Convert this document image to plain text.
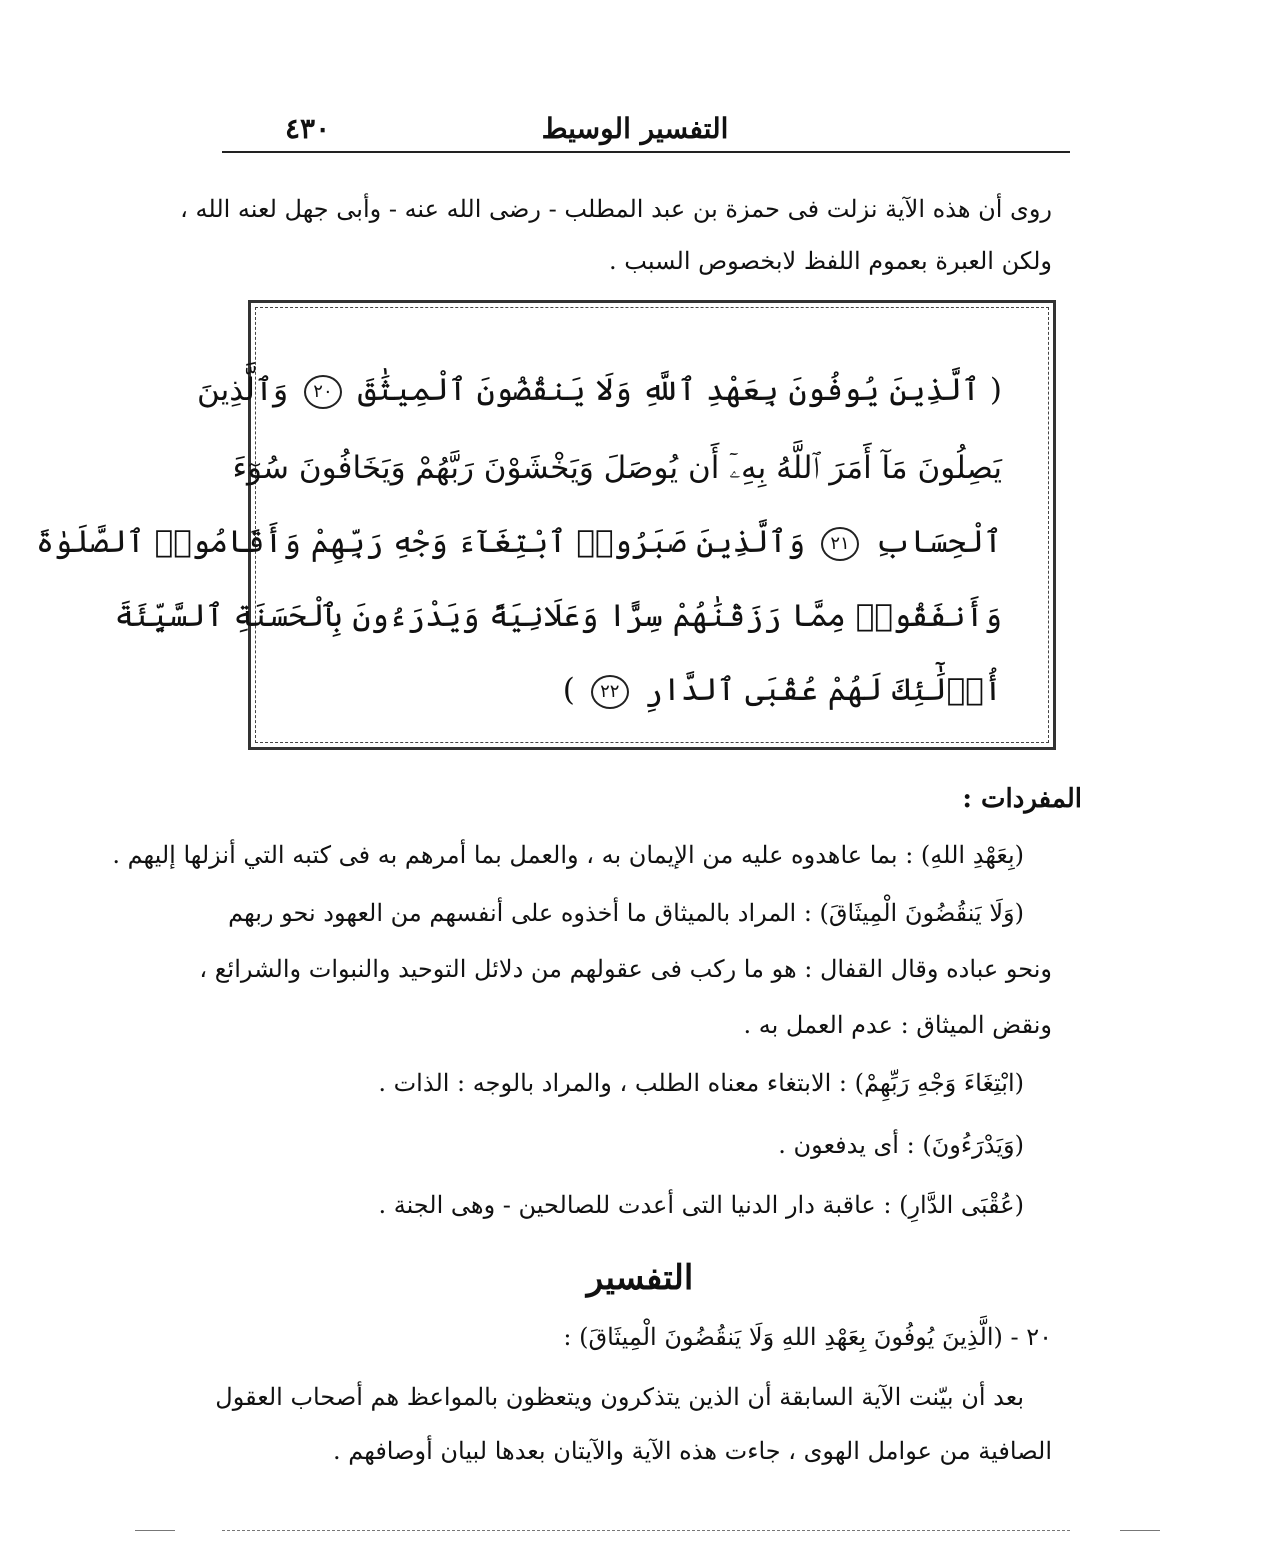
٤٣٠	التفسير الوسيط
روى أن هذه الآية نزلت فى حمزة بن عبد المطلب - رضى الله عنه - وأبى جهل لعنه الله ،
ولكن العبرة بعموم اللفظ لابخصوص السبب .
( ٱلَّذِينَ يُوفُونَ بِعَهْدِ ٱللَّهِ وَلَا يَنقُضُونَ ٱلْمِيثَٰقَ ٢٠ وَٱلَّذِينَ
يَصِلُونَ مَآ أَمَرَ ٱللَّهُ بِهِۦٓ أَن يُوصَلَ وَيَخْشَوْنَ رَبَّهُمْ وَيَخَافُونَ سُوٓءَ
ٱلْحِسَابِ ٢١ وَٱلَّذِينَ صَبَرُوا۟ ٱبْتِغَآءَ وَجْهِ رَبِّهِمْ وَأَقَامُوا۟ ٱلصَّلَوٰةَ
وَأَنفَقُوا۟ مِمَّا رَزَقْنَٰهُمْ سِرًّا وَعَلَانِيَةً وَيَدْرَءُونَ بِٱلْحَسَنَةِ ٱلسَّيِّئَةَ
أُو۟لَٰٓئِكَ لَهُمْ عُقْبَى ٱلدَّارِ ٢٢ )
المفردات :
(بِعَهْدِ اللهِ) : بما عاهدوه عليه من الإيمان به ، والعمل بما أمرهم به فى كتبه التي أنزلها إليهم .
(وَلَا يَنقُضُونَ الْمِيثَاقَ) : المراد بالميثاق ما أخذوه على أنفسهم من العهود نحو ربهم
ونحو عباده وقال القفال : هو ما ركب فى عقولهم من دلائل التوحيد والنبوات والشرائع ،
ونقض الميثاق : عدم العمل به .
(ابْتِغَاءَ وَجْهِ رَبِّهِمْ) : الابتغاء معناه الطلب ، والمراد بالوجه : الذات .
(وَيَدْرَءُونَ) : أى يدفعون .
(عُقْبَى الدَّارِ) : عاقبة دار الدنيا التى أعدت للصالحين - وهى الجنة .
التفسير
٢٠ - (الَّذِينَ يُوفُونَ بِعَهْدِ اللهِ وَلَا يَنقُضُونَ الْمِيثَاقَ) :
بعد أن بيّنت الآية السابقة أن الذين يتذكرون ويتعظون بالمواعظ هم أصحاب العقول
الصافية من عوامل الهوى ، جاءت هذه الآية والآيتان بعدها لبيان أوصافهم .
